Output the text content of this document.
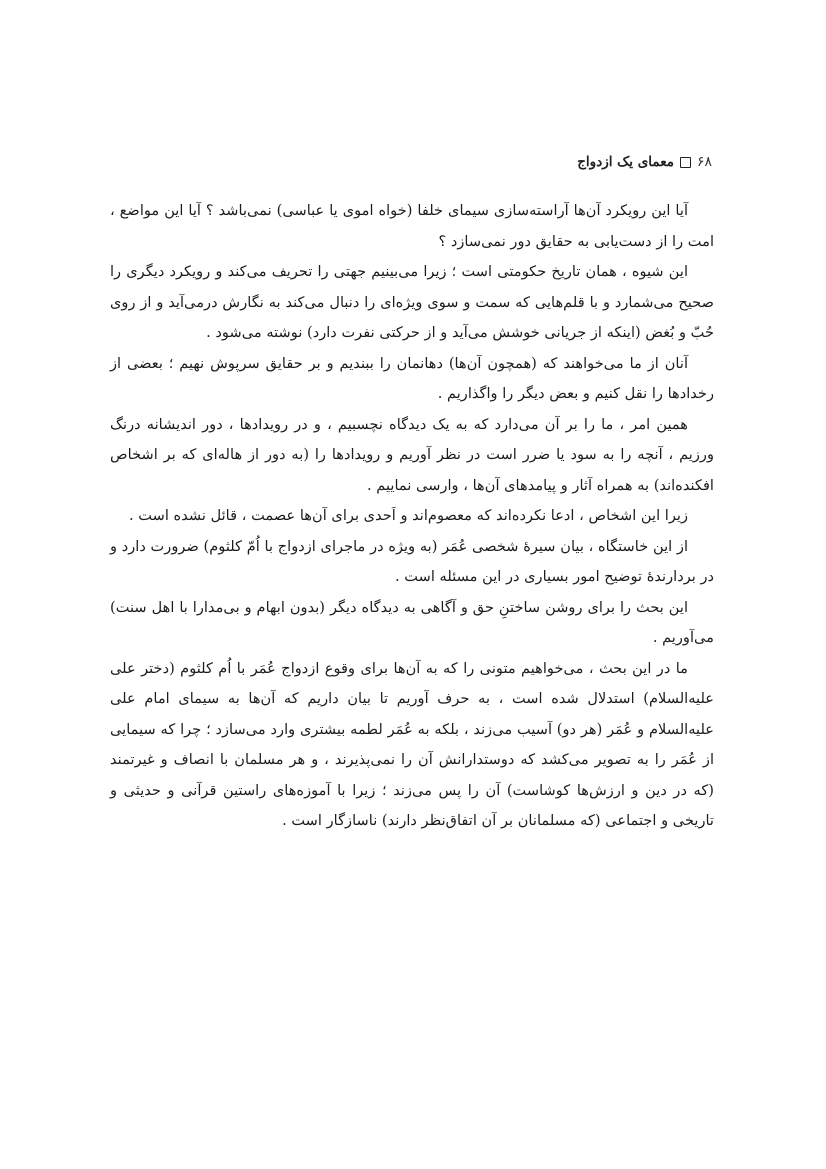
۶۸
معمای یک ازدواج

آیا این رویکرد آن‌ها آراسته‌سازی سیمای خلفا (خواه اموی یا عباسی) نمی‌باشد ؟ آیا این مواضع ، امت را از دست‌یابی به حقایق دور نمی‌سازد ؟

این شیوه ، همان تاریخ حکومتی است ؛ زیرا می‌بینیم جهتی را تحریف می‌کند و رویکرد دیگری را صحیح می‌شمارد و با قلم‌هایی که سمت و سوی ویژه‌ای را دنبال می‌کند به نگارش درمی‌آید و از روی حُبّ و بُغض (اینکه از جریانی خوشش می‌آید و از حرکتی نفرت دارد) نوشته می‌شود .

آنان از ما می‌خواهند که (همچون آن‌ها) دهانمان را ببندیم و بر حقایق سرپوش نهیم ؛ بعضی از رخدادها را نقل کنیم و بعض دیگر را واگذاریم .

همین امر ، ما را بر آن می‌دارد که به یک دیدگاه نچسبیم ، و در رویدادها ، دور اندیشانه درنگ ورزیم ، آنچه را به سود یا ضرر است در نظر آوریم و رویدادها را (به دور از هاله‌ای که بر اشخاص افکنده‌اند) به همراه آثار و پیامدهای آن‌ها ، وارسی نماییم .

زیرا این اشخاص ، ادعا نکرده‌اند که معصوم‌اند و اَحدی برای آن‌ها عصمت ، قائل نشده است .

از این خاستگاه ، بیان سیرهٔ شخصی عُمَر (به ویژه در ماجرای ازدواج با اُمّ کلثوم) ضرورت دارد و در بردارندهٔ توضیح امور بسیاری در این مسئله است .

این بحث را برای روشن ساختنِ حق و آگاهی به دیدگاه دیگر (بدون ابهام و بی‌مدارا با اهل سنت) می‌آوریم .

ما در این بحث ، می‌خواهیم متونی را که به آن‌ها برای وقوع ازدواج عُمَر با اُم کلثوم (دختر علی علیه‌السلام) استدلال شده است ، به حرف آوریم تا بیان داریم که آن‌ها به سیمای امام علی علیه‌السلام و عُمَر (هر دو) آسیب می‌زند ، بلکه به عُمَر لطمه بیشتری وارد می‌سازد ؛ چرا که سیمایی از عُمَر را به تصویر می‌کشد که دوستدارانش آن را نمی‌پذیرند ، و هر مسلمان با انصاف و غیرتمند (که در دین و ارزش‌ها کوشاست) آن را پس می‌زند ؛ زیرا با آموزه‌های راستین قرآنی و حدیثی و تاریخی و اجتماعی (که مسلمانان بر آن اتفاق‌نظر دارند) ناسازگار است .
